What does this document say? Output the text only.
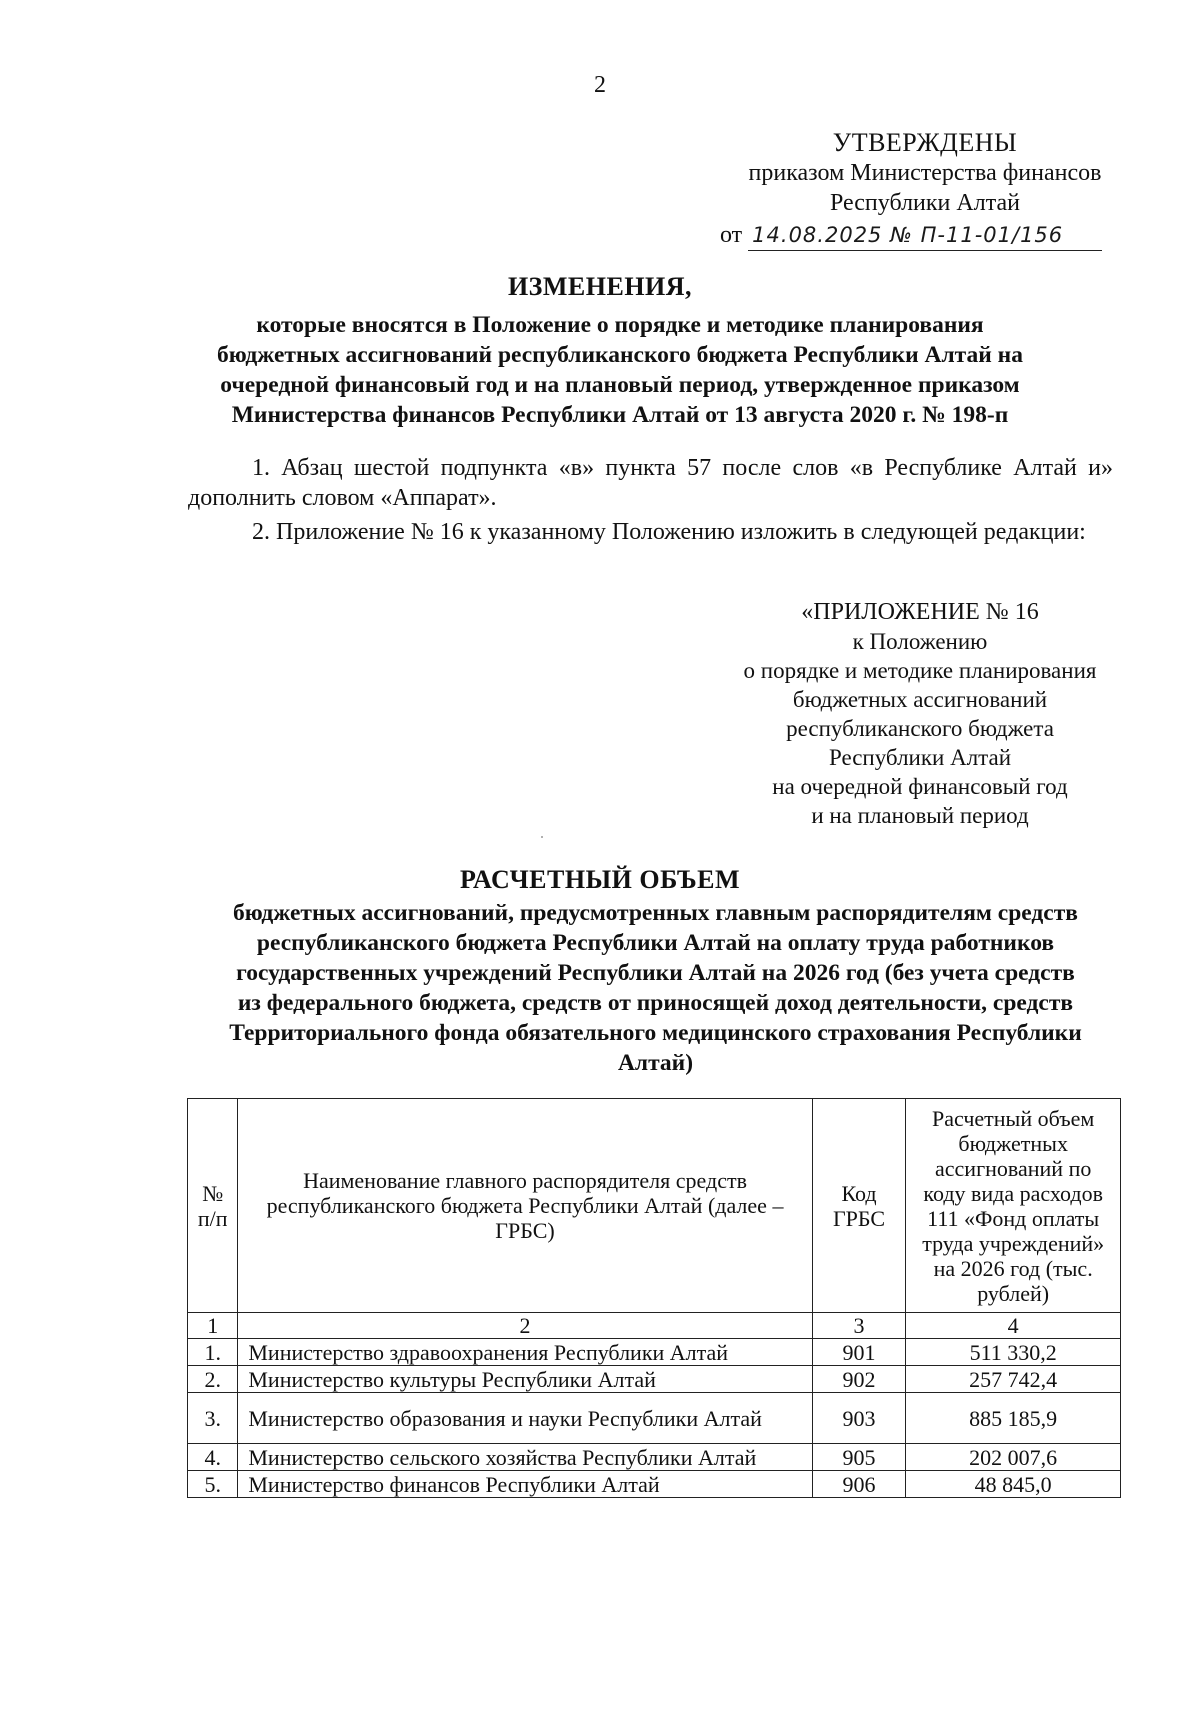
2
УТВЕРЖДЕНЫ
приказом Министерства финансов
Республики Алтай
от 14.08.2025 № П-11-01/156
ИЗМЕНЕНИЯ,
которые вносятся в Положение о порядке и методике планирования
бюджетных ассигнований республиканского бюджета Республики Алтай на
очередной финансовый год и на плановый период, утвержденное приказом
Министерства финансов Республики Алтай от 13 августа 2020 г. № 198-п

1. Абзац шестой подпункта «в» пункта 57 после слов «в Республике Алтай и» дополнить словом «Аппарат».

2. Приложение № 16 к указанному Положению изложить в следующей редакции:

«ПРИЛОЖЕНИЕ № 16
к Положению
о порядке и методике планирования
бюджетных ассигнований
республиканского бюджета
Республики Алтай
на очередной финансовый год
и на плановый период
РАСЧЕТНЫЙ ОБЪЕМ
бюджетных ассигнований, предусмотренных главным распорядителям средств
республиканского бюджета Республики Алтай на оплату труда работников
государственных учреждений Республики Алтай на 2026 год (без учета средств
из федерального бюджета, средств от приносящей доход деятельности, средств
Территориального фонда обязательного медицинского страхования Республики
Алтай)
№ п/п	Наименование главного распорядителя средств республиканского бюджета Республики Алтай (далее – ГРБС)	Код ГРБС	Расчетный объем бюджетных ассигнований по коду вида расходов 111 «Фонд оплаты труда учреждений» на 2026 год (тыс. рублей)
1	2	3	4
1.	Министерство здравоохранения Республики Алтай	901	511 330,2
2.	Министерство культуры Республики Алтай	902	257 742,4
3.	Министерство образования и науки Республики Алтай	903	885 185,9
4.	Министерство сельского хозяйства Республики Алтай	905	202 007,6
5.	Министерство финансов Республики Алтай	906	48 845,0
